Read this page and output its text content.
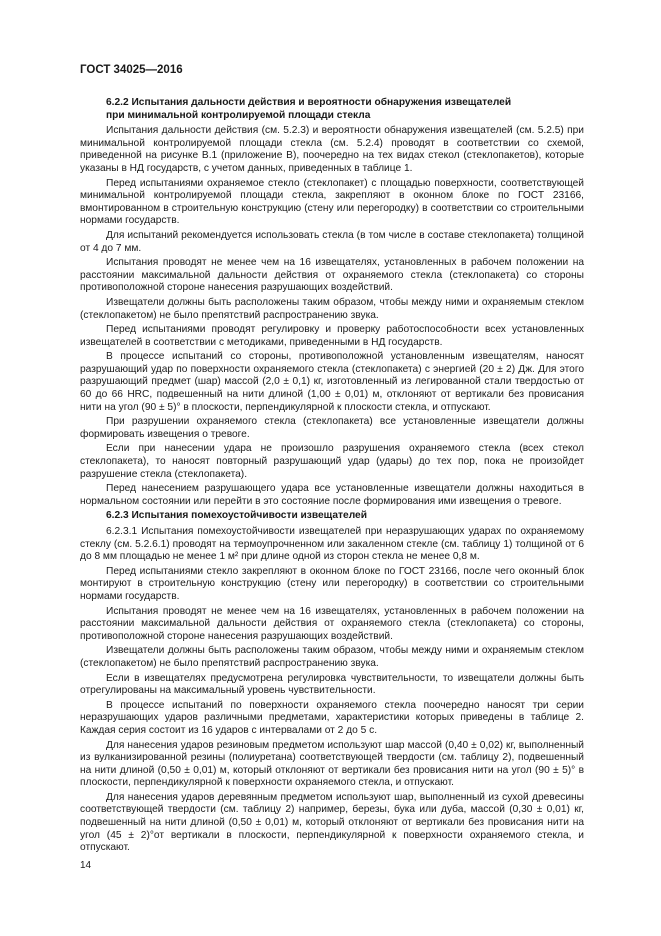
ГОСТ 34025—2016

6.2.2 Испытания дальности действия и вероятности обнаружения извещателей
при минимальной контролируемой площади стекла

Испытания дальности действия (см. 5.2.3) и вероятности обнаружения извещателей (см. 5.2.5) при минимальной контролируемой площади стекла (см. 5.2.4) проводят в соответствии со схемой, приведенной на рисунке В.1 (приложение В), поочередно на тех видах стекол (стеклопакетов), которые указаны в НД государств, с учетом данных, приведенных в таблице 1.

Перед испытаниями охраняемое стекло (стеклопакет) с площадью поверхности, соответствующей минимальной контролируемой площади стекла, закрепляют в оконном блоке по ГОСТ 23166, вмонтированном в строительную конструкцию (стену или перегородку) в соответствии со строительными нормами государств.

Для испытаний рекомендуется использовать стекла (в том числе в составе стеклопакета) толщиной от 4 до 7 мм.

Испытания проводят не менее чем на 16 извещателях, установленных в рабочем положении на расстоянии максимальной дальности действия от охраняемого стекла (стеклопакета) со стороны противоположной стороне нанесения разрушающих воздействий.

Извещатели должны быть расположены таким образом, чтобы между ними и охраняемым стеклом (стеклопакетом) не было препятствий распространению звука.

Перед испытаниями проводят регулировку и проверку работоспособности всех установленных извещателей в соответствии с методиками, приведенными в НД государств.

В процессе испытаний со стороны, противоположной установленным извещателям, наносят разрушающий удар по поверхности охраняемого стекла (стеклопакета) с энергией (20 ± 2) Дж. Для этого разрушающий предмет (шар) массой (2,0 ± 0,1) кг, изготовленный из легированной стали твердостью от 60 до 66 HRC, подвешенный на нити длиной (1,00 ± 0,01) м, отклоняют от вертикали без провисания нити на угол (90 ± 5)° в плоскости, перпендикулярной к плоскости стекла, и отпускают.

При разрушении охраняемого стекла (стеклопакета) все установленные извещатели должны формировать извещения о тревоге.

Если при нанесении удара не произошло разрушения охраняемого стекла (всех стекол стеклопакета), то наносят повторный разрушающий удар (удары) до тех пор, пока не произойдет разрушение стекла (стеклопакета).

Перед нанесением разрушающего удара все установленные извещатели должны находиться в нормальном состоянии или перейти в это состояние после формирования ими извещения о тревоге.

6.2.3 Испытания помехоустойчивости извещателей

6.2.3.1 Испытания помехоустойчивости извещателей при неразрушающих ударах по охраняемому стеклу (см. 5.2.6.1) проводят на термоупрочненном или закаленном стекле (см. таблицу 1) толщиной от 6 до 8 мм площадью не менее 1 м² при длине одной из сторон стекла не менее 0,8 м.

Перед испытаниями стекло закрепляют в оконном блоке по ГОСТ 23166, после чего оконный блок монтируют в строительную конструкцию (стену или перегородку) в соответствии со строительными нормами государств.

Испытания проводят не менее чем на 16 извещателях, установленных в рабочем положении на расстоянии максимальной дальности действия от охраняемого стекла (стеклопакета) со стороны, противоположной стороне нанесения разрушающих воздействий.

Извещатели должны быть расположены таким образом, чтобы между ними и охраняемым стеклом (стеклопакетом) не было препятствий распространению звука.

Если в извещателях предусмотрена регулировка чувствительности, то извещатели должны быть отрегулированы на максимальный уровень чувствительности.

В процессе испытаний по поверхности охраняемого стекла поочередно наносят три серии неразрушающих ударов различными предметами, характеристики которых приведены в таблице 2. Каждая серия состоит из 16 ударов с интервалами от 2 до 5 с.

Для нанесения ударов резиновым предметом используют шар массой (0,40 ± 0,02) кг, выполненный из вулканизированной резины (полиуретана) соответствующей твердости (см. таблицу 2), подвешенный на нити длиной (0,50 ± 0,01) м, который отклоняют от вертикали без провисания нити на угол (90 ± 5)° в плоскости, перпендикулярной к поверхности охраняемого стекла, и отпускают.

Для нанесения ударов деревянным предметом используют шар, выполненный из сухой древесины соответствующей твердости (см. таблицу 2) например, березы, бука или дуба, массой (0,30 ± 0,01) кг, подвешенный на нити длиной (0,50 ± 0,01) м, который отклоняют от вертикали без провисания нити на угол (45 ± 2)°от вертикали в плоскости, перпендикулярной к поверхности охраняемого стекла, и отпускают.

14
